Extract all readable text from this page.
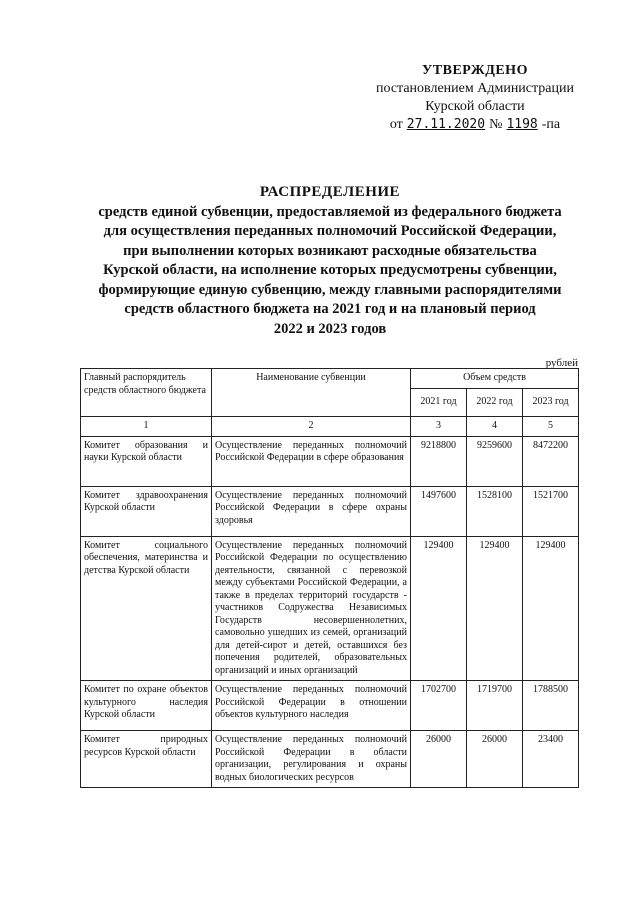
УТВЕРЖДЕНО
постановлением Администрации
Курской области
от 27.11.2020 № 1198 -па
РАСПРЕДЕЛЕНИЕ
средств единой субвенции, предоставляемой из федерального бюджета
для осуществления переданных полномочий Российской Федерации,
при выполнении которых возникают расходные обязательства
Курской области, на исполнение которых предусмотрены субвенции,
формирующие единую субвенцию, между главными распорядителями
средств областного бюджета на 2021 год и на плановый период
2022 и 2023 годов
рублей
Главный распорядитель средств областного бюджета	Наименование субвенции	Объем средств		
		2021 год	2022 год	2023 год
1	2	3	4	5
Комитет образования и науки Курской области	Осуществление переданных полномочий Российской Федерации в сфере образования	9218800	9259600	8472200
Комитет здравоохранения Курской области	Осуществление переданных полномочий Российской Федерации в сфере охраны здоровья	1497600	1528100	1521700
Комитет социального обеспечения, материнства и детства Курской области	Осуществление переданных полномочий Российской Федерации по осуществлению деятельности, связанной с перевозкой между субъектами Российской Федерации, а также в пределах территорий государств - участников Содружества Независимых Государств несовершеннолетних, самовольно ушедших из семей, организаций для детей-сирот и детей, оставшихся без попечения родителей, образовательных организаций и иных организаций	129400	129400	129400
Комитет по охране объектов культурного наследия Курской области	Осуществление переданных полномочий Российской Федерации в отношении объектов культурного наследия	1702700	1719700	1788500
Комитет природных ресурсов Курской области	Осуществление переданных полномочий Российской Федерации в области организации, регулирования и охраны водных биологических ресурсов	26000	26000	23400
